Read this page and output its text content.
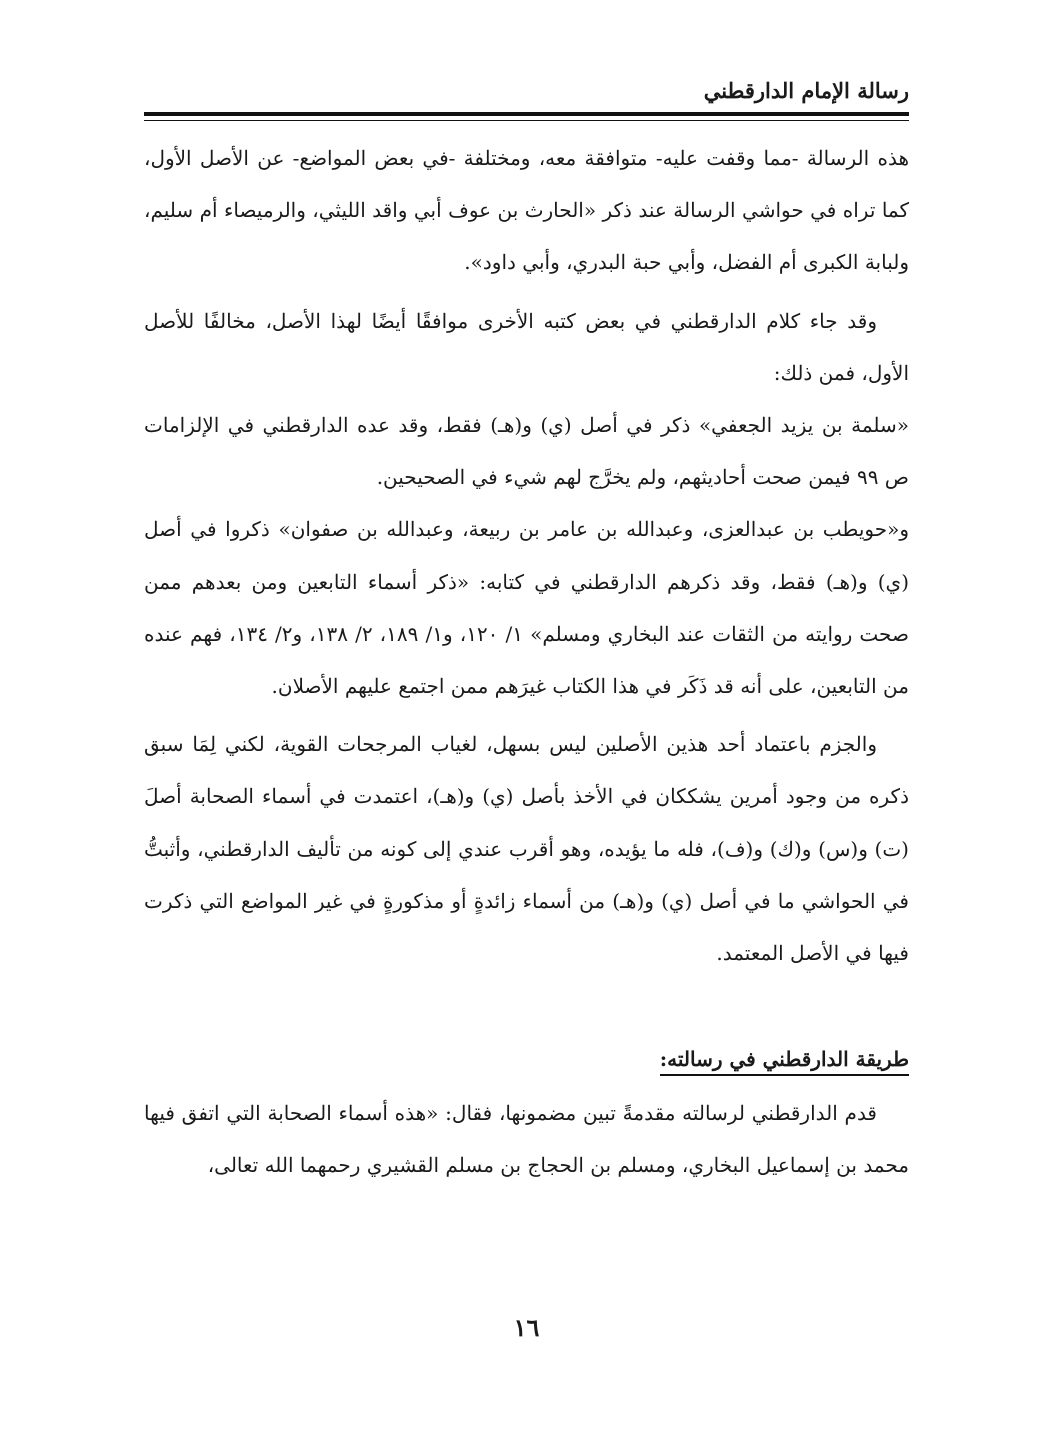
رسالة الإمام الدارقطني

هذه الرسالة -مما وقفت عليه- متوافقة معه، ومختلفة -في بعض المواضع- عن الأصل الأول، كما تراه في حواشي الرسالة عند ذكر «الحارث بن عوف أبي واقد الليثي، والرميصاء أم سليم، ولبابة الكبرى أم الفضل، وأبي حبة البدري، وأبي داود».

وقد جاء كلام الدارقطني في بعض كتبه الأخرى موافقًا أيضًا لهذا الأصل، مخالفًا للأصل الأول، فمن ذلك:

«سلمة بن يزيد الجعفي» ذكر في أصل (ي) و(هـ) فقط، وقد عده الدارقطني في الإلزامات ص ٩٩ فيمن صحت أحاديثهم، ولم يخرَّج لهم شيء في الصحيحين.

و«حويطب بن عبدالعزى، وعبدالله بن عامر بن ربيعة، وعبدالله بن صفوان» ذكروا في أصل (ي) و(هـ) فقط، وقد ذكرهم الدارقطني في كتابه: «ذكر أسماء التابعين ومن بعدهم ممن صحت روايته من الثقات عند البخاري ومسلم» ١/ ١٢٠، و١/ ١٨٩، ٢/ ١٣٨، و٢/ ١٣٤، فهم عنده من التابعين، على أنه قد ذَكَر في هذا الكتاب غيرَهم ممن اجتمع عليهم الأصلان.

والجزم باعتماد أحد هذين الأصلين ليس بسهل، لغياب المرجحات القوية، لكني لِمَا سبق ذكره من وجود أمرين يشككان في الأخذ بأصل (ي) و(هـ)، اعتمدت في أسماء الصحابة أصلَ (ت) و(س) و(ك) و(ف)، فله ما يؤيده، وهو أقرب عندي إلى كونه من تأليف الدارقطني، وأثبتُّ في الحواشي ما في أصل (ي) و(هـ) من أسماء زائدةٍ أو مذكورةٍ في غير المواضع التي ذكرت فيها في الأصل المعتمد.

طريقة الدارقطني في رسالته:

قدم الدارقطني لرسالته مقدمةً تبين مضمونها، فقال: «هذه أسماء الصحابة التي اتفق فيها محمد بن إسماعيل البخاري، ومسلم بن الحجاج بن مسلم القشيري رحمهما الله تعالى،

١٦
